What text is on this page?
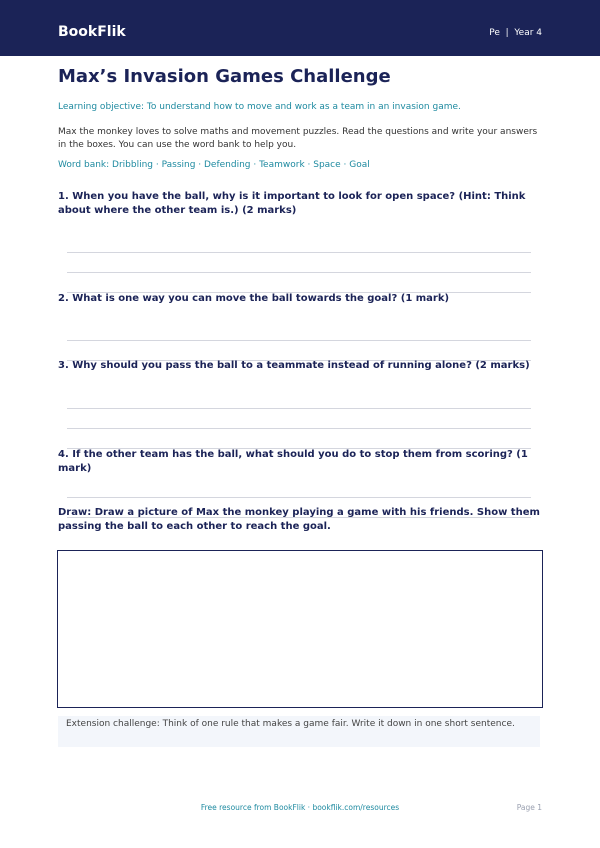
BookFlik	Pe  |  Year 4
Max’s Invasion Games Challenge
Learning objective: To understand how to move and work as a team in an invasion game.
Max the monkey loves to solve maths and movement puzzles. Read the questions and write your answers in the boxes. You can use the word bank to help you.
Word bank: Dribbling · Passing · Defending · Teamwork · Space · Goal

1. When you have the ball, why is it important to look for open space? (Hint: Think about where the other team is.) (2 marks)

2. What is one way you can move the ball towards the goal? (1 mark)

3. Why should you pass the ball to a teammate instead of running alone? (2 marks)

4. If the other team has the ball, what should you do to stop them from scoring? (1 mark)

Draw: Draw a picture of Max the monkey playing a game with his friends. Show them passing the ball to each other to reach the goal.

Extension challenge: Think of one rule that makes a game fair. Write it down in one short sentence.
Free resource from BookFlik · bookflik.com/resources	Page 1
